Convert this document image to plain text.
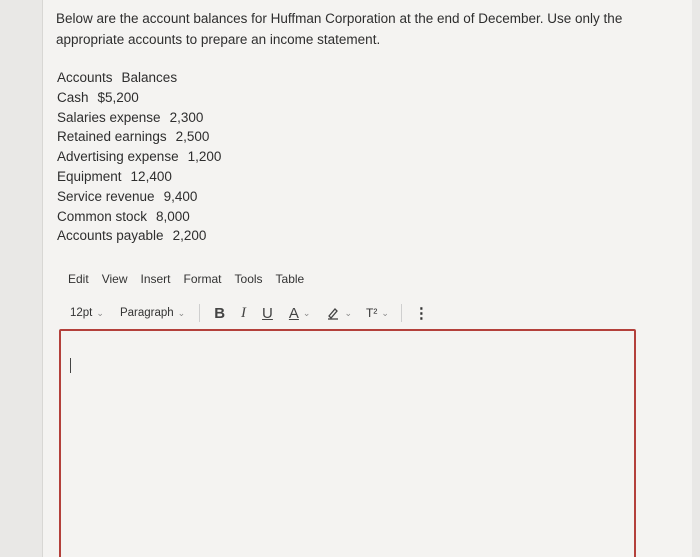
Below are the account balances for Huffman Corporation at the end of December. Use only the appropriate accounts to prepare an income statement.

Accounts Balances
Cash $5,200
Salaries expense 2,300
Retained earnings 2,500
Advertising expense 1,200
Equipment 12,400
Service revenue 9,400
Common stock 8,000
Accounts payable 2,200
Edit View Insert Format Tools Table
12pt ⌄ Paragraph ⌄ B I U A ⌄	⌄ T² ⌄ ⋮
